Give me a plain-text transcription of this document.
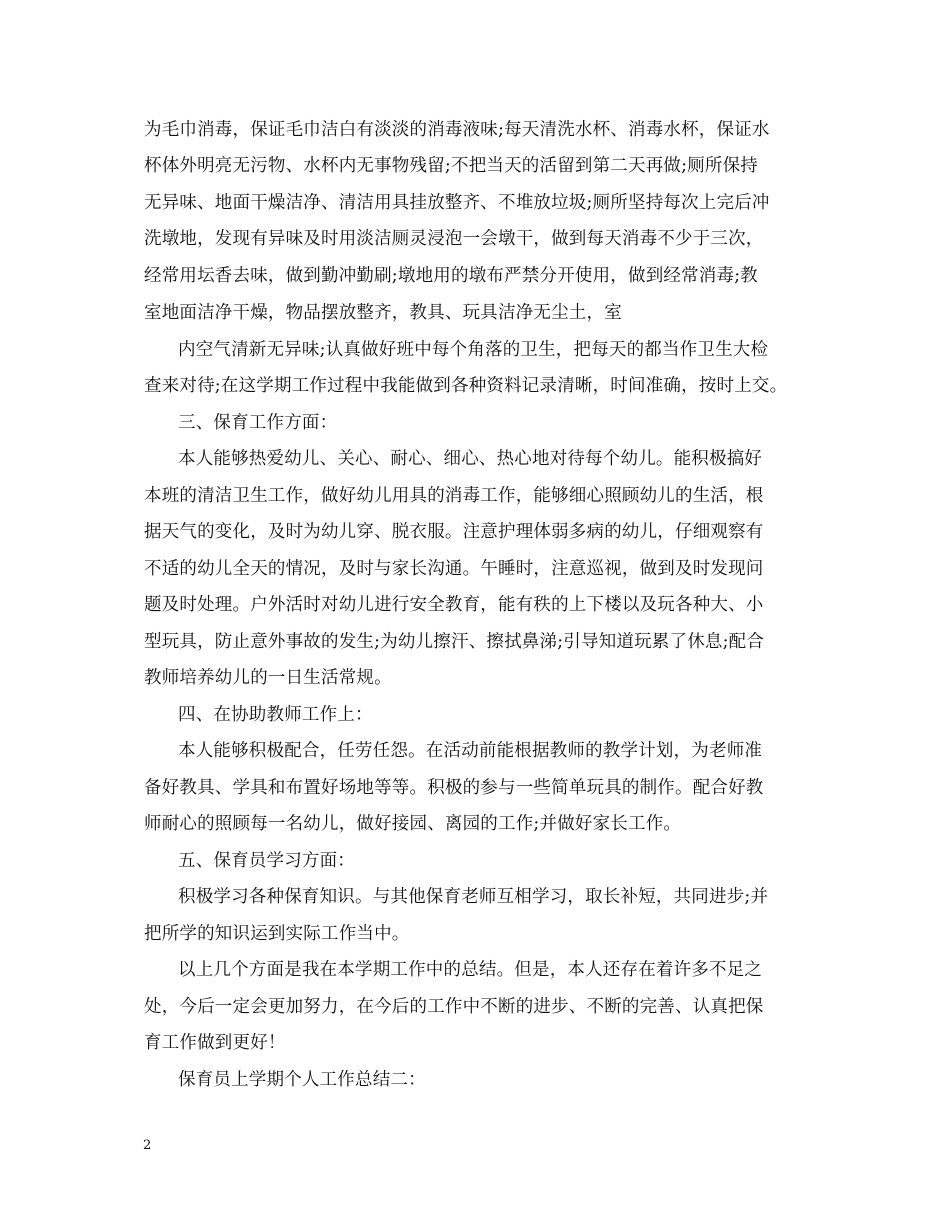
为毛巾消毒，保证毛巾洁白有淡淡的消毒液味;每天清洗水杯、消毒水杯，保证水
杯体外明亮无污物、水杯内无事物残留;不把当天的活留到第二天再做;厕所保持
无异味、地面干燥洁净、清洁用具挂放整齐、不堆放垃圾;厕所坚持每次上完后冲
洗墩地，发现有异味及时用淡洁厕灵浸泡一会墩干，做到每天消毒不少于三次，
经常用坛香去味，做到勤冲勤刷;墩地用的墩布严禁分开使用，做到经常消毒;教
室地面洁净干燥，物品摆放整齐，教具、玩具洁净无尘土，室
内空气清新无异味;认真做好班中每个角落的卫生，把每天的都当作卫生大检
查来对待;在这学期工作过程中我能做到各种资料记录清晰，时间准确，按时上交。
三、保育工作方面：
本人能够热爱幼儿、关心、耐心、细心、热心地对待每个幼儿。能积极搞好
本班的清洁卫生工作，做好幼儿用具的消毒工作，能够细心照顾幼儿的生活，根
据天气的变化，及时为幼儿穿、脱衣服。注意护理体弱多病的幼儿，仔细观察有
不适的幼儿全天的情况，及时与家长沟通。午睡时，注意巡视，做到及时发现问
题及时处理。户外活时对幼儿进行安全教育，能有秩的上下楼以及玩各种大、小
型玩具，防止意外事故的发生;为幼儿擦汗、擦拭鼻涕;引导知道玩累了休息;配合
教师培养幼儿的一日生活常规。
四、在协助教师工作上：
本人能够积极配合，任劳任怨。在活动前能根据教师的教学计划，为老师准
备好教具、学具和布置好场地等等。积极的参与一些简单玩具的制作。配合好教
师耐心的照顾每一名幼儿，做好接园、离园的工作;并做好家长工作。
五、保育员学习方面：
积极学习各种保育知识。与其他保育老师互相学习，取长补短，共同进步;并
把所学的知识运到实际工作当中。
以上几个方面是我在本学期工作中的总结。但是，本人还存在着许多不足之
处，今后一定会更加努力，在今后的工作中不断的进步、不断的完善、认真把保
育工作做到更好！
保育员上学期个人工作总结二：
2
